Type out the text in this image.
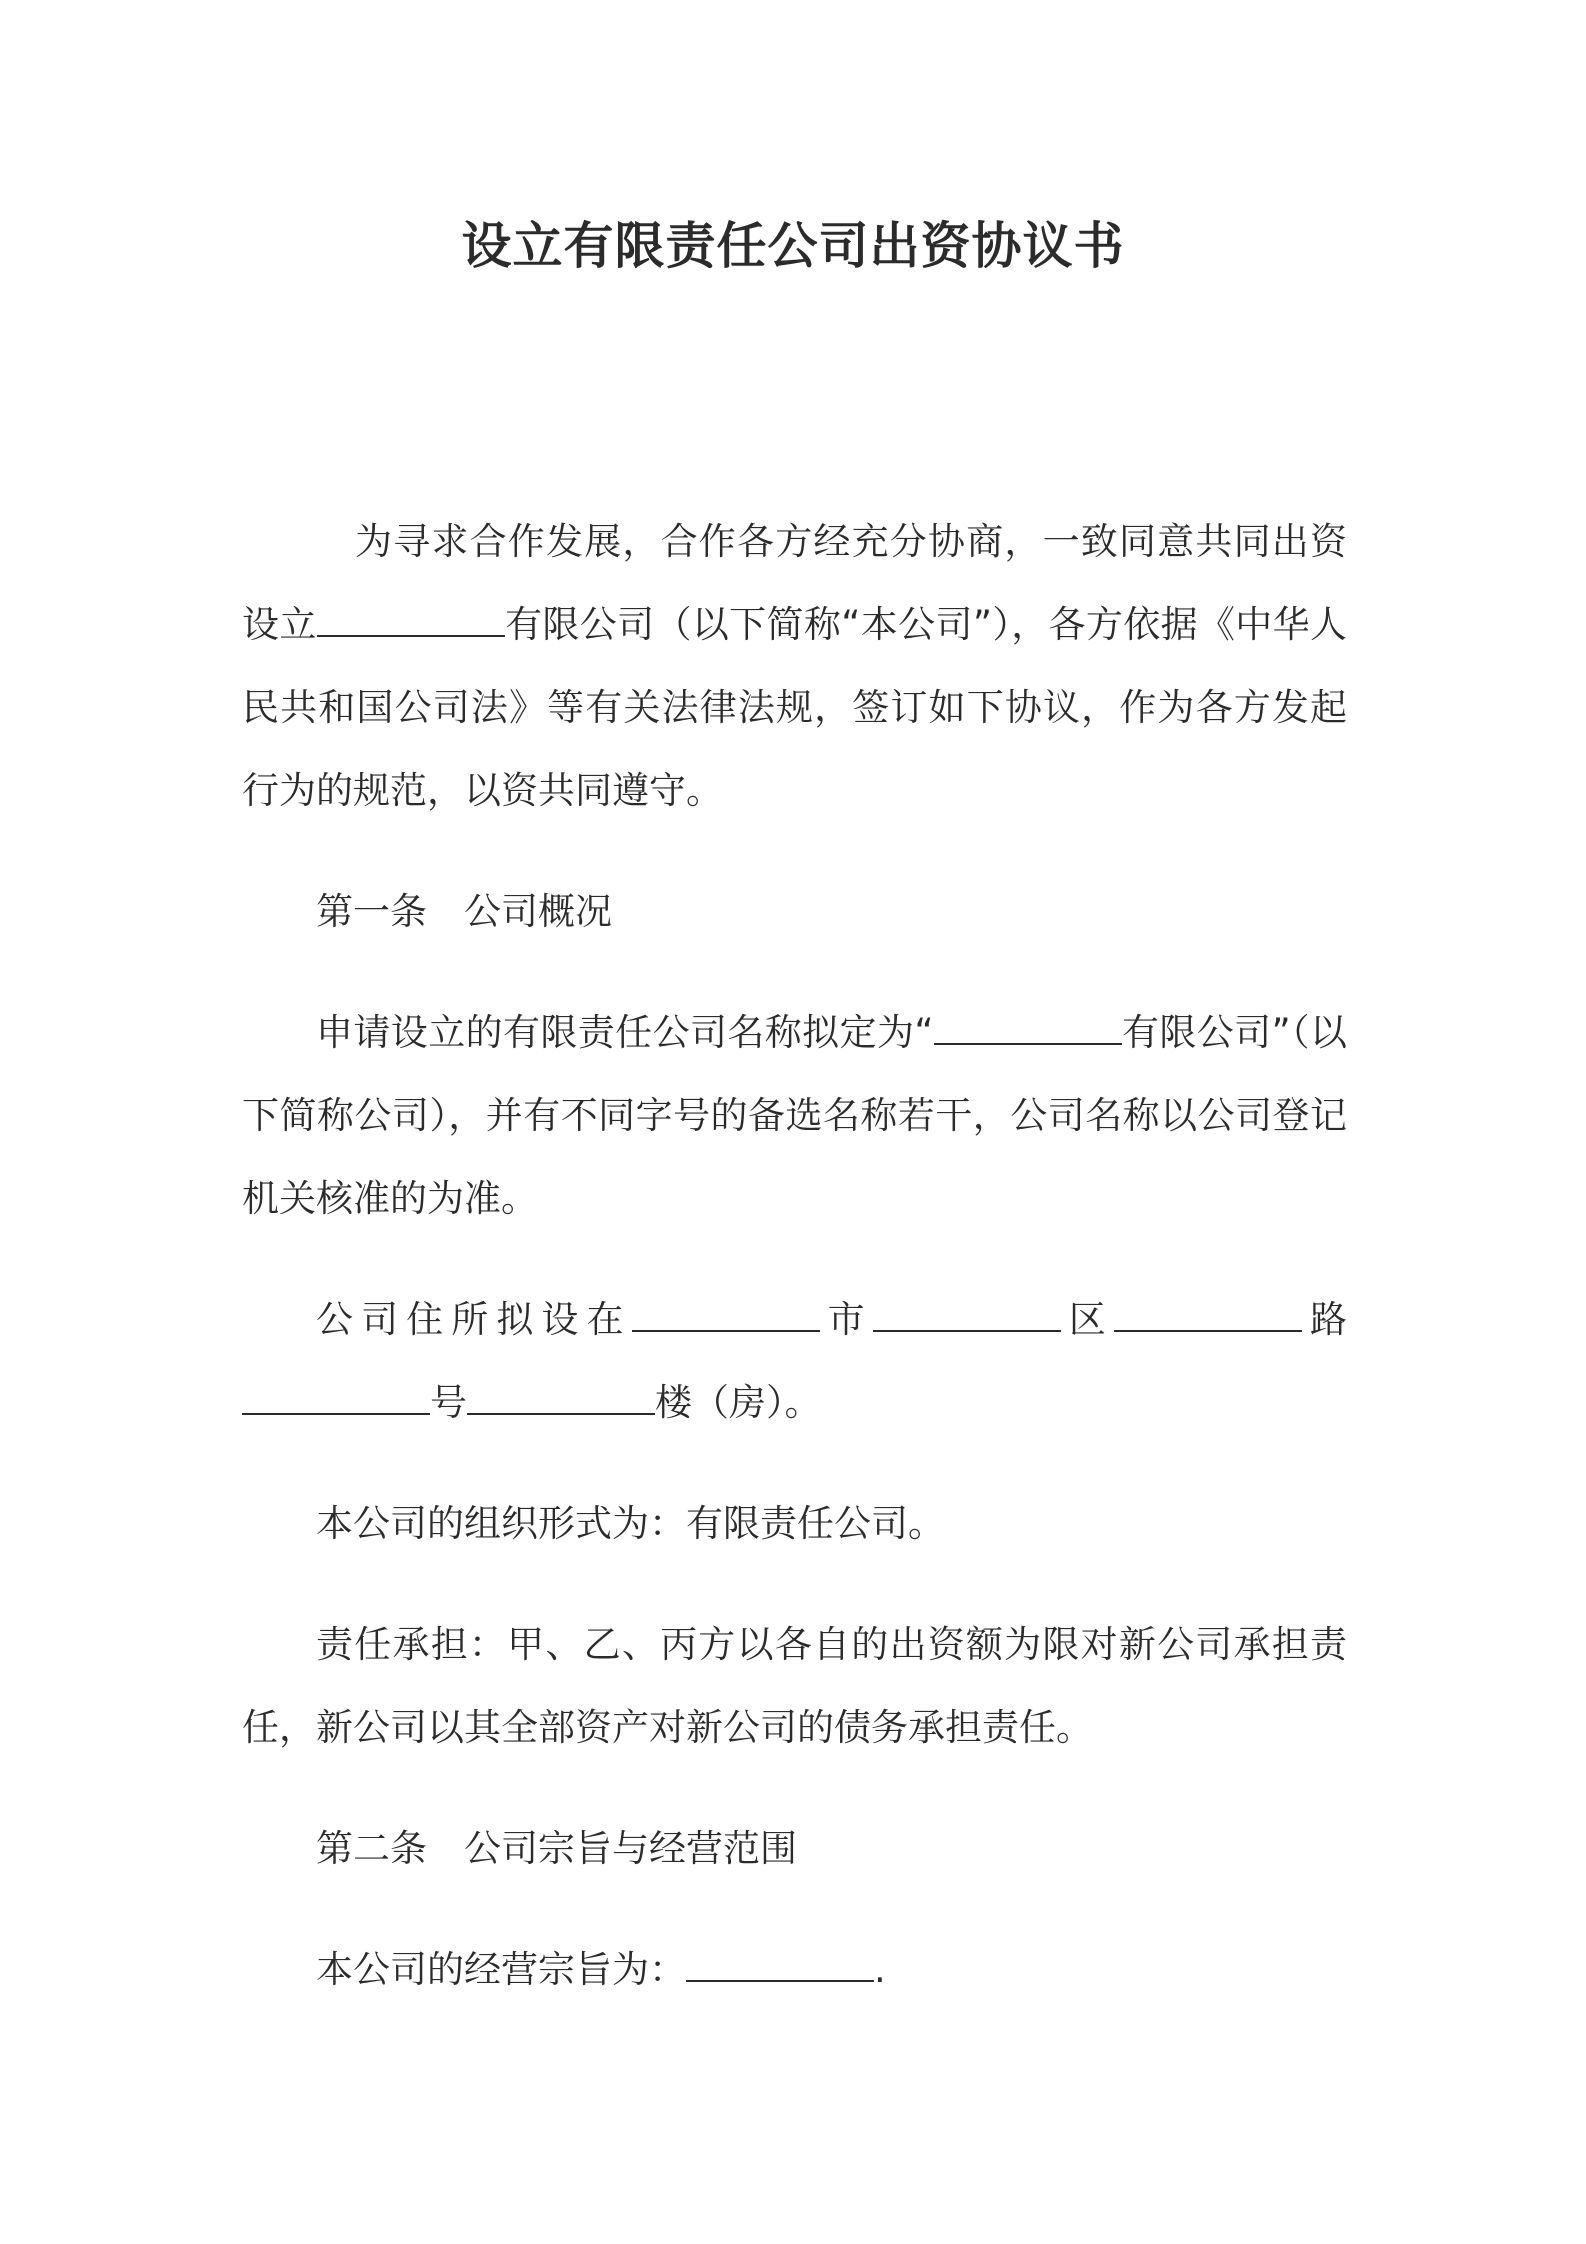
设立有限责任公司出资协议书

为寻求合作发展，合作各方经充分协商，一致同意共同出资设立	有限公司（以下简称“本公司”），各方依据《中华人民共和国公司法》等有关法律法规，签订如下协议，作为各方发起行为的规范，以资共同遵守。

第一条　公司概况

申请设立的有限责任公司名称拟定为“	有限公司”（以下简称公司），并有不同字号的备选名称若干，公司名称以公司登记机关核准的为准。

公司住所拟设在	市	区	路号	楼（房）。

本公司的组织形式为：有限责任公司。

责任承担：甲、乙、丙方以各自的出资额为限对新公司承担责任，新公司以其全部资产对新公司的债务承担责任。

第二条　公司宗旨与经营范围

本公司的经营宗旨为：	.
